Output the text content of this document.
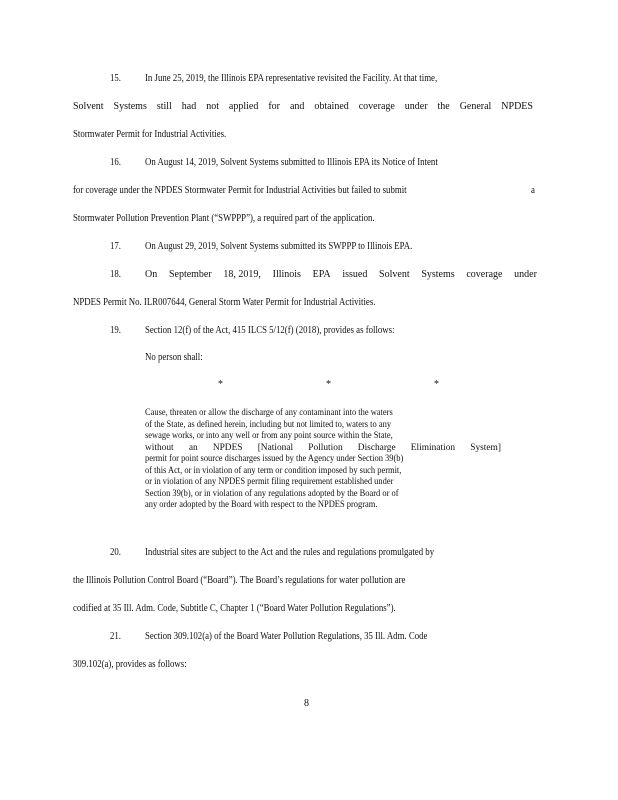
15. In June 25, 2019, the Illinois EPA representative revisited the Facility. At that time,
Solvent Systems still had not applied for and obtained coverage under the General NPDES
Stormwater Permit for Industrial Activities.
16. On August 14, 2019, Solvent Systems submitted to Illinois EPA its Notice of Intent
for coverage under the NPDES Stormwater Permit for Industrial Activities but failed to submit	a
Stormwater Pollution Prevention Plant (“SWPPP”), a required part of the application.
17. On August 29, 2019, Solvent Systems submitted its SWPPP to Illinois EPA.
18. On September 18, 2019, Illinois EPA issued Solvent Systems coverage under
NPDES Permit No. ILR007644, General Storm Water Permit for Industrial Activities.
19. Section 12(f) of the Act, 415 ILCS 5/12(f) (2018), provides as follows:
No person shall:
*	*	*
Cause, threaten or allow the discharge of any contaminant into the waters
of the State, as defined herein, including but not limited to, waters to any
sewage works, or into any well or from any point source within the State,
without an NPDES [National Pollution Discharge Elimination System]
permit for point source discharges issued by the Agency under Section 39(b)
of this Act, or in violation of any term or condition imposed by such permit,
or in violation of any NPDES permit filing requirement established under
Section 39(b), or in violation of any regulations adopted by the Board or of
any order adopted by the Board with respect to the NPDES program.
20. Industrial sites are subject to the Act and the rules and regulations promulgated by
the Illinois Pollution Control Board (“Board”). The Board’s regulations for water pollution are
codified at 35 Ill. Adm. Code, Subtitle C, Chapter 1 (“Board Water Pollution Regulations”).
21. Section 309.102(a) of the Board Water Pollution Regulations, 35 Ill. Adm. Code
309.102(a), provides as follows:
8
